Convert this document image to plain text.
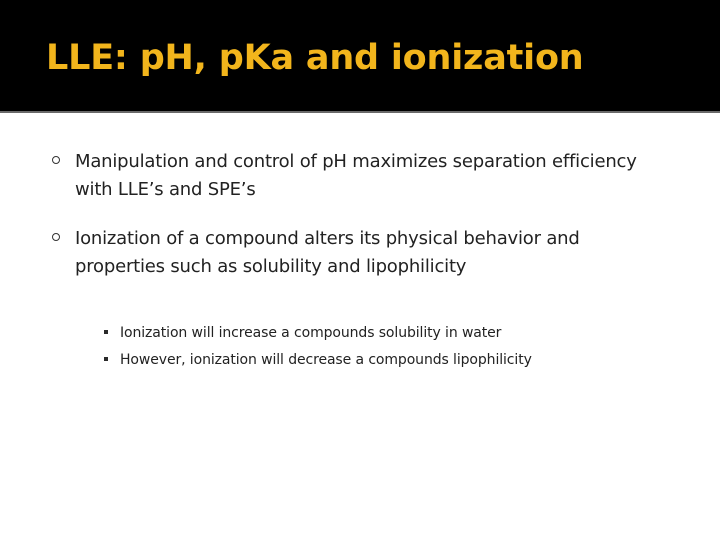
LLE: pH, pKa and ionization

Manipulation and control of pH maximizes separation efficiency with LLE’s and SPE’s

Ionization of a compound alters its physical behavior and properties such as solubility and lipophilicity

Ionization will increase a compounds solubility in water
However, ionization will decrease a compounds lipophilicity
